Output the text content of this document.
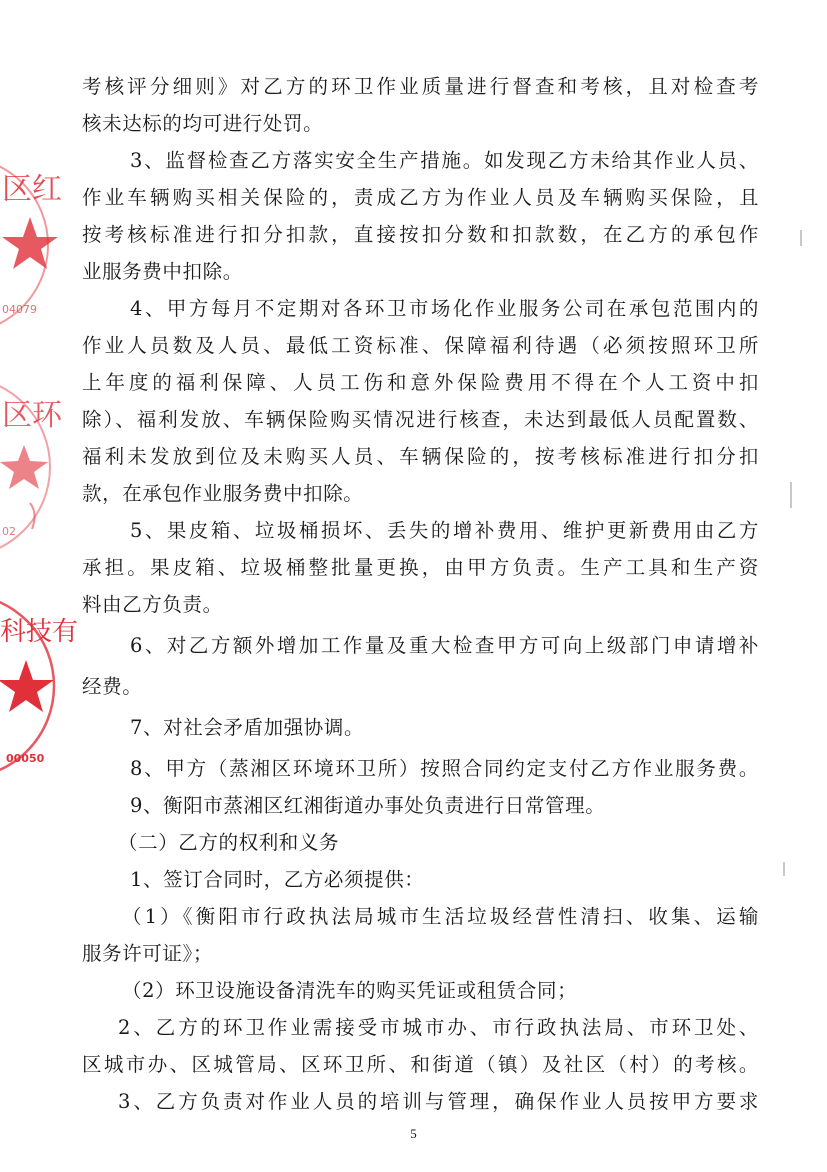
区红
04079
区环
02
科技有
00050
考核评分细则》对乙方的环卫作业质量进行督查和考核，且对检查考
核未达标的均可进行处罚。
3、监督检查乙方落实安全生产措施。如发现乙方未给其作业人员、
作业车辆购买相关保险的，责成乙方为作业人员及车辆购买保险，且
按考核标准进行扣分扣款，直接按扣分数和扣款数，在乙方的承包作
业服务费中扣除。
4、甲方每月不定期对各环卫市场化作业服务公司在承包范围内的
作业人员数及人员、最低工资标准、保障福利待遇（必须按照环卫所
上年度的福利保障、人员工伤和意外保险费用不得在个人工资中扣
除）、福利发放、车辆保险购买情况进行核查，未达到最低人员配置数、
福利未发放到位及未购买人员、车辆保险的，按考核标准进行扣分扣
款，在承包作业服务费中扣除。
5、果皮箱、垃圾桶损坏、丢失的增补费用、维护更新费用由乙方
承担。果皮箱、垃圾桶整批量更换，由甲方负责。生产工具和生产资
料由乙方负责。
6、对乙方额外增加工作量及重大检查甲方可向上级部门申请增补
经费。
7、对社会矛盾加强协调。
8、甲方（蒸湘区环境环卫所）按照合同约定支付乙方作业服务费。
9、衡阳市蒸湘区红湘街道办事处负责进行日常管理。
（二）乙方的权利和义务
1、签订合同时，乙方必须提供：
（1）《衡阳市行政执法局城市生活垃圾经营性清扫、收集、运输
服务许可证》；
（2）环卫设施设备清洗车的购买凭证或租赁合同；
2、乙方的环卫作业需接受市城市办、市行政执法局、市环卫处、
区城市办、区城管局、区环卫所、和街道（镇）及社区（村）的考核。
3、乙方负责对作业人员的培训与管理，确保作业人员按甲方要求
5
